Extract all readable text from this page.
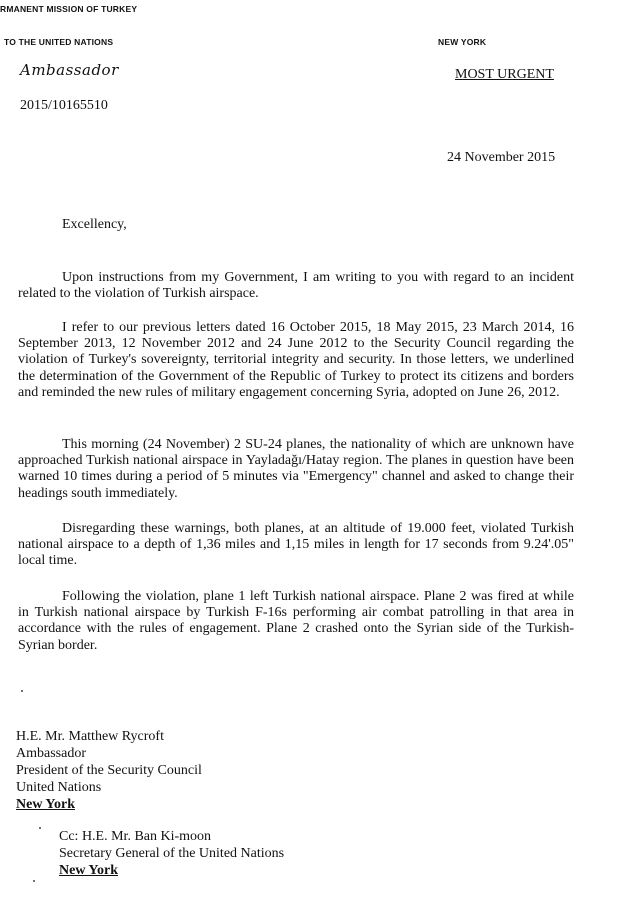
RMANENT MISSION OF TURKEY
TO THE UNITED NATIONS	NEW YORK
Ambassador
2015/10165510
MOST URGENT
24 November 2015
Excellency,
Upon instructions from my Government, I am writing to you with regard to an incident related to the violation of Turkish airspace.
I refer to our previous letters dated 16 October 2015, 18 May 2015, 23 March 2014, 16 September 2013, 12 November 2012 and 24 June 2012 to the Security Council regarding the violation of Turkey's sovereignty, territorial integrity and security. In those letters, we underlined the determination of the Government of the Republic of Turkey to protect its citizens and borders and reminded the new rules of military engagement concerning Syria, adopted on June 26, 2012.
This morning (24 November) 2 SU-24 planes, the nationality of which are unknown have approached Turkish national airspace in Yayladağı/Hatay region. The planes in question have been warned 10 times during a period of 5 minutes via "Emergency" channel and asked to change their headings south immediately.
Disregarding these warnings, both planes, at an altitude of 19.000 feet, violated Turkish national airspace to a depth of 1,36 miles and 1,15 miles in length for 17 seconds from 9.24'.05" local time.
Following the violation, plane 1 left Turkish national airspace. Plane 2 was fired at while in Turkish national airspace by Turkish F-16s performing air combat patrolling in that area in accordance with the rules of engagement. Plane 2 crashed onto the Syrian side of the Turkish-Syrian border.
H.E. Mr. Matthew Rycroft
Ambassador
President of the Security Council
United Nations
New York
Cc: H.E. Mr. Ban Ki-moon
Secretary General of the United Nations
New York
